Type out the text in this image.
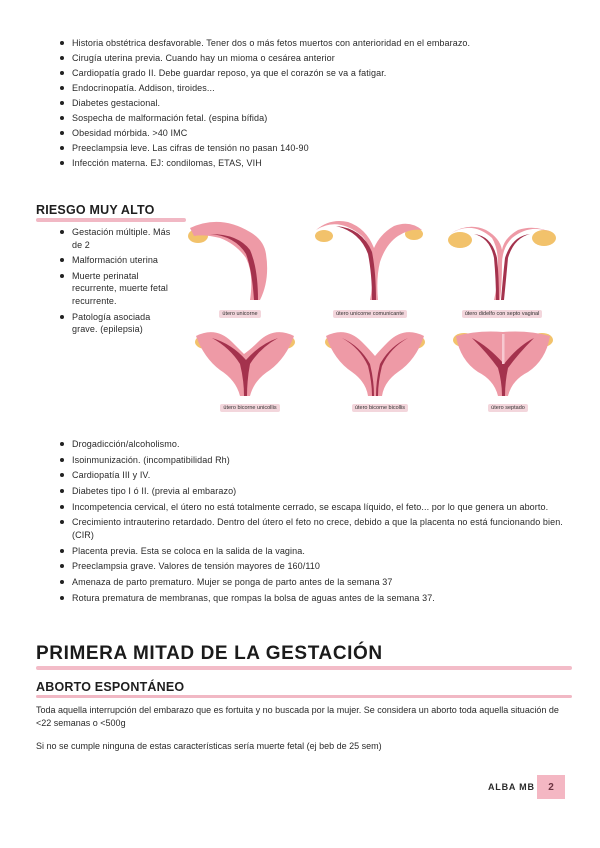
Historia obstétrica desfavorable. Tener dos o más fetos muertos con anterioridad en el embarazo.
Cirugía uterina previa. Cuando hay un mioma o cesárea anterior
Cardiopatía grado II. Debe guardar reposo, ya que el corazón se va a fatigar.
Endocrinopatía. Addison, tiroides...
Diabetes gestacional.
Sospecha de malformación fetal. (espina bífida)
Obesidad mórbida. >40 IMC
Preeclampsia leve. Las cifras de tensión no pasan 140-90
Infección materna. EJ: condilomas, ETAS, VIH
RIESGO MUY ALTO
Gestación múltiple. Más de 2
Malformación uterina
Muerte perinatal recurrente, muerte fetal recurrente.
Patología asociada grave. (epilepsia)
útero unicorne	útero unicorne comunicante	útero didelfo con septo vaginal
útero bicorne unicollis	útero bicorne bicollis	útero septado
Drogadicción/alcoholismo.
Isoinmunización. (incompatibilidad Rh)
Cardiopatía III y IV.
Diabetes tipo I ó II. (previa al embarazo)
Incompetencia cervical, el útero no está totalmente cerrado, se escapa líquido, el feto... por lo que genera un aborto.
Crecimiento intrauterino retardado. Dentro del útero el feto no crece, debido a que la placenta no está funcionando bien. (CIR)
Placenta previa. Esta se coloca en la salida de la vagina.
Preeclampsia grave. Valores de tensión mayores de 160/110
Amenaza de parto prematuro. Mujer se ponga de parto antes de la semana 37
Rotura prematura de membranas, que rompas la bolsa de aguas antes de la semana 37.
PRIMERA MITAD DE LA GESTACIÓN
ABORTO ESPONTÁNEO

Toda aquella interrupción del embarazo que es fortuita y no buscada por la mujer. Se considera un aborto toda aquella situación de <22 semanas o <500g

Si no se cumple ninguna de estas características sería muerte fetal (ej beb de 25 sem)

ALBA MB	2
